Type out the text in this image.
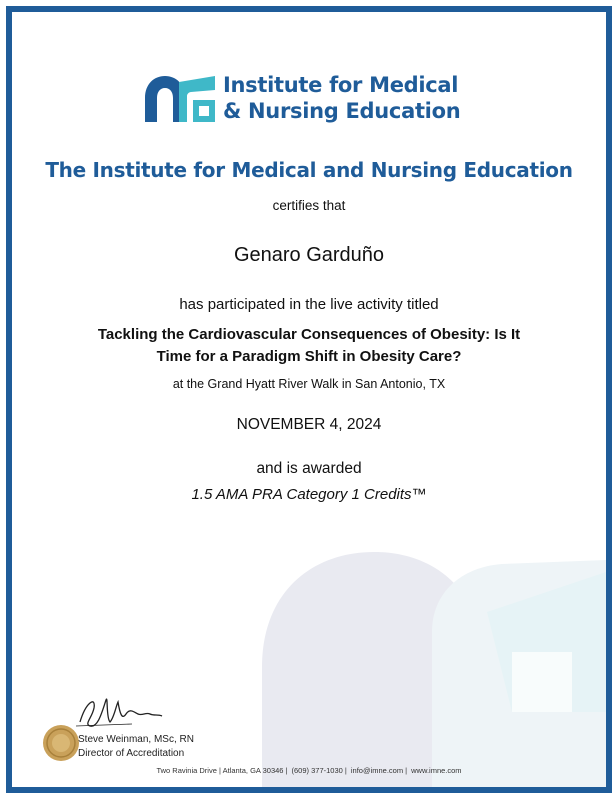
Institute for Medical
& Nursing Education
The Institute for Medical and Nursing Education
certifies that
Genaro Garduño
has participated in the live activity titled
Tackling the Cardiovascular Consequences of Obesity: Is It
Time for a Paradigm Shift in Obesity Care?
at the Grand Hyatt River Walk in San Antonio, TX
NOVEMBER 4, 2024
and is awarded
1.5 AMA PRA Category 1 Credits™
Steve Weinman, MSc, RN
Director of Accreditation
Two Ravinia Drive | Atlanta, GA 30346 | (609) 377-1030 | info@imne.com | www.imne.com
